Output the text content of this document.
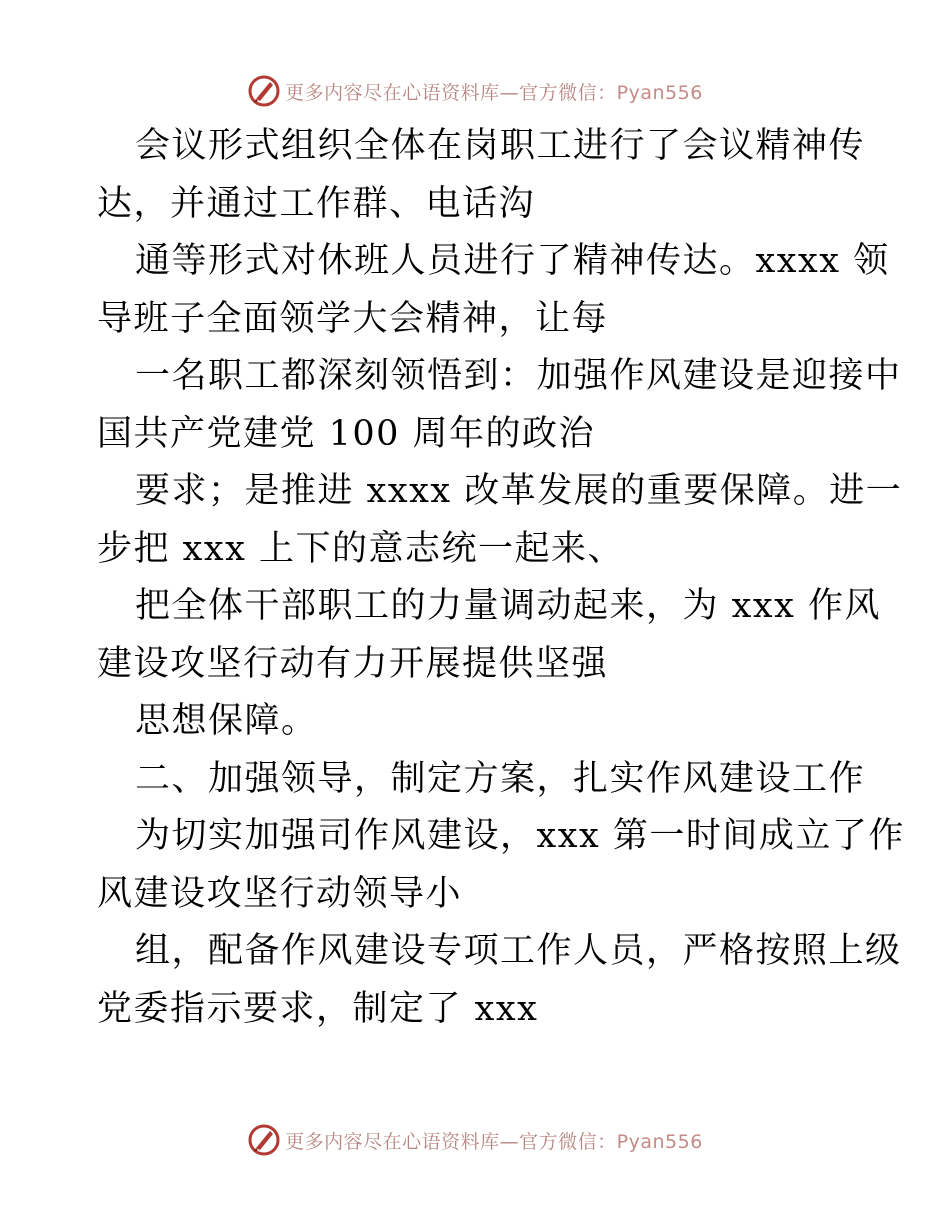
更多内容尽在心语资料库—官方微信：Pyan556
会议形式组织全体在岗职工进行了会议精神传
达，并通过工作群、电话沟
通等形式对休班人员进行了精神传达。xxxx 领
导班子全面领学大会精神，让每
一名职工都深刻领悟到：加强作风建设是迎接中
国共产党建党 100 周年的政治
要求；是推进 xxxx 改革发展的重要保障。进一
步把 xxx 上下的意志统一起来、
把全体干部职工的力量调动起来，为 xxx 作风
建设攻坚行动有力开展提供坚强
思想保障。
二、加强领导，制定方案，扎实作风建设工作
为切实加强司作风建设，xxx 第一时间成立了作
风建设攻坚行动领导小
组，配备作风建设专项工作人员，严格按照上级
党委指示要求，制定了 xxx
更多内容尽在心语资料库—官方微信：Pyan556
